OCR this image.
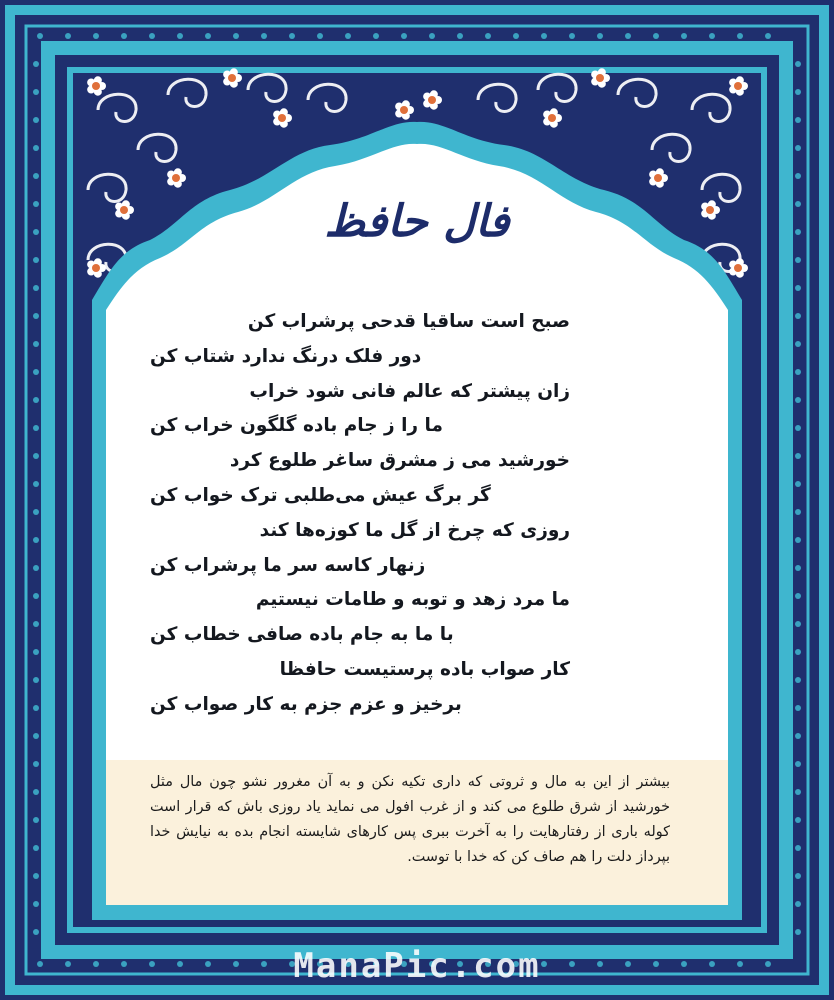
فال حافظ
صبح است ساقیا قدحی پرشراب کن
دور فلک درنگ ندارد شتاب کن
زان پیشتر که عالم فانی شود خراب
ما را ز جام باده گلگون خراب کن
خورشید می ز مشرق ساغر طلوع کرد
گر برگ عیش می‌طلبی ترک خواب کن
روزی که چرخ از گل ما کوزه‌ها کند
زنهار کاسه سر ما پرشراب کن
ما مرد زهد و توبه و طامات نیستیم
با ما به جام باده صافی خطاب کن
کار صواب باده پرستیست حافظا
برخیز و عزم جزم به کار صواب کن
بیشتر از این به مال و ثروتی که داری تکیه نکن و به آن مغرور نشو چون مال مثل خورشید از شرق طلوع می کند و از غرب افول می نماید یاد روزی باش که قرار است کوله باری از رفتارهایت را به آخرت ببری پس کارهای شایسته انجام بده به نیایش خدا بپرداز دلت را هم صاف کن که خدا با توست.
ManaPic.com
